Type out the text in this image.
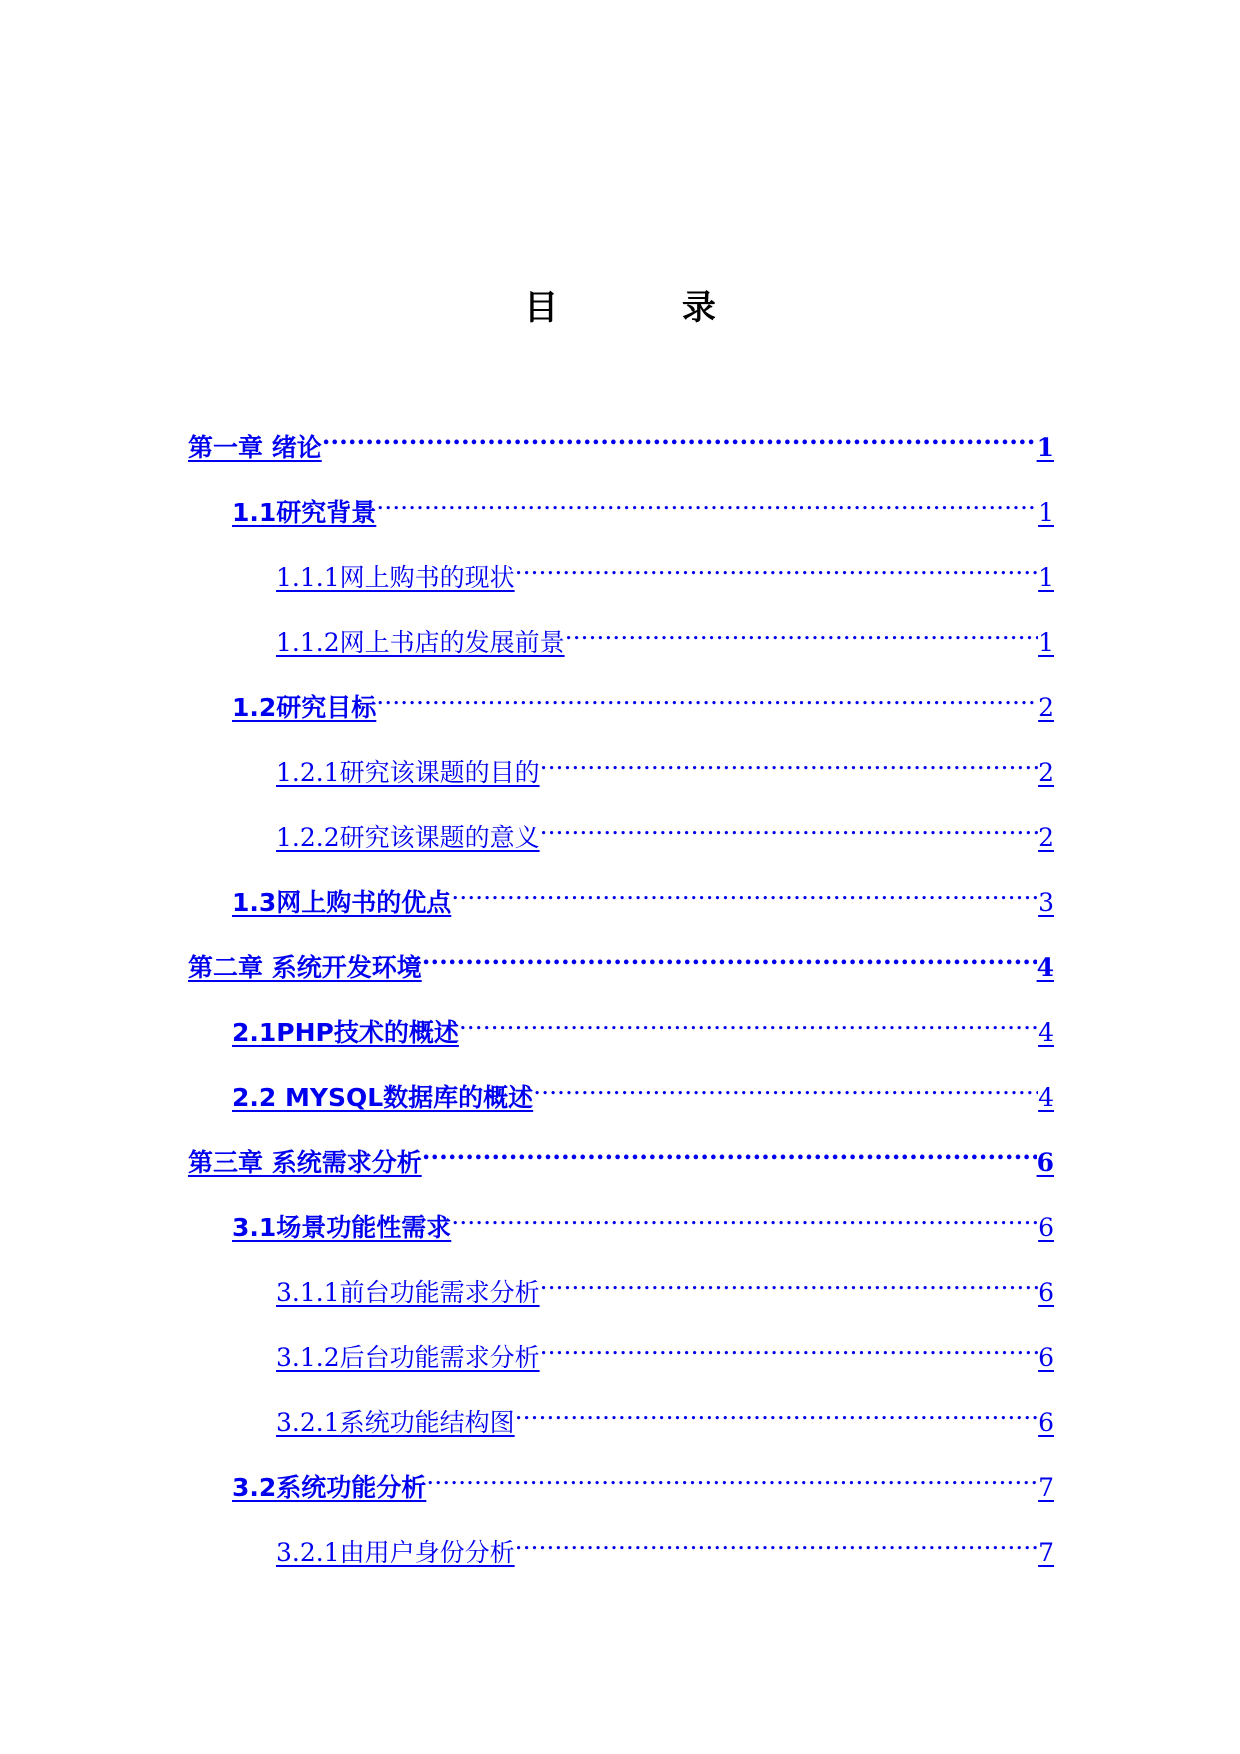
目 录
第一章 绪论 .....	1
1.1研究背景 .....	1
1.1.1网上购书的现状 .....	1
1.1.2网上书店的发展前景 .....	1
1.2研究目标 .....	2
1.2.1研究该课题的目的 .....	2
1.2.2研究该课题的意义 .....	2
1.3网上购书的优点 .....	3
第二章 系统开发环境 .....	4
2.1PHP技术的概述 .....	4
2.2 MYSQL数据库的概述 .....	4
第三章 系统需求分析 .....	6
3.1场景功能性需求 .....	6
3.1.1前台功能需求分析 .....	6
3.1.2后台功能需求分析 .....	6
3.2.1系统功能结构图 .....	6
3.2系统功能分析 .....	7
3.2.1由用户身份分析 .....	7
